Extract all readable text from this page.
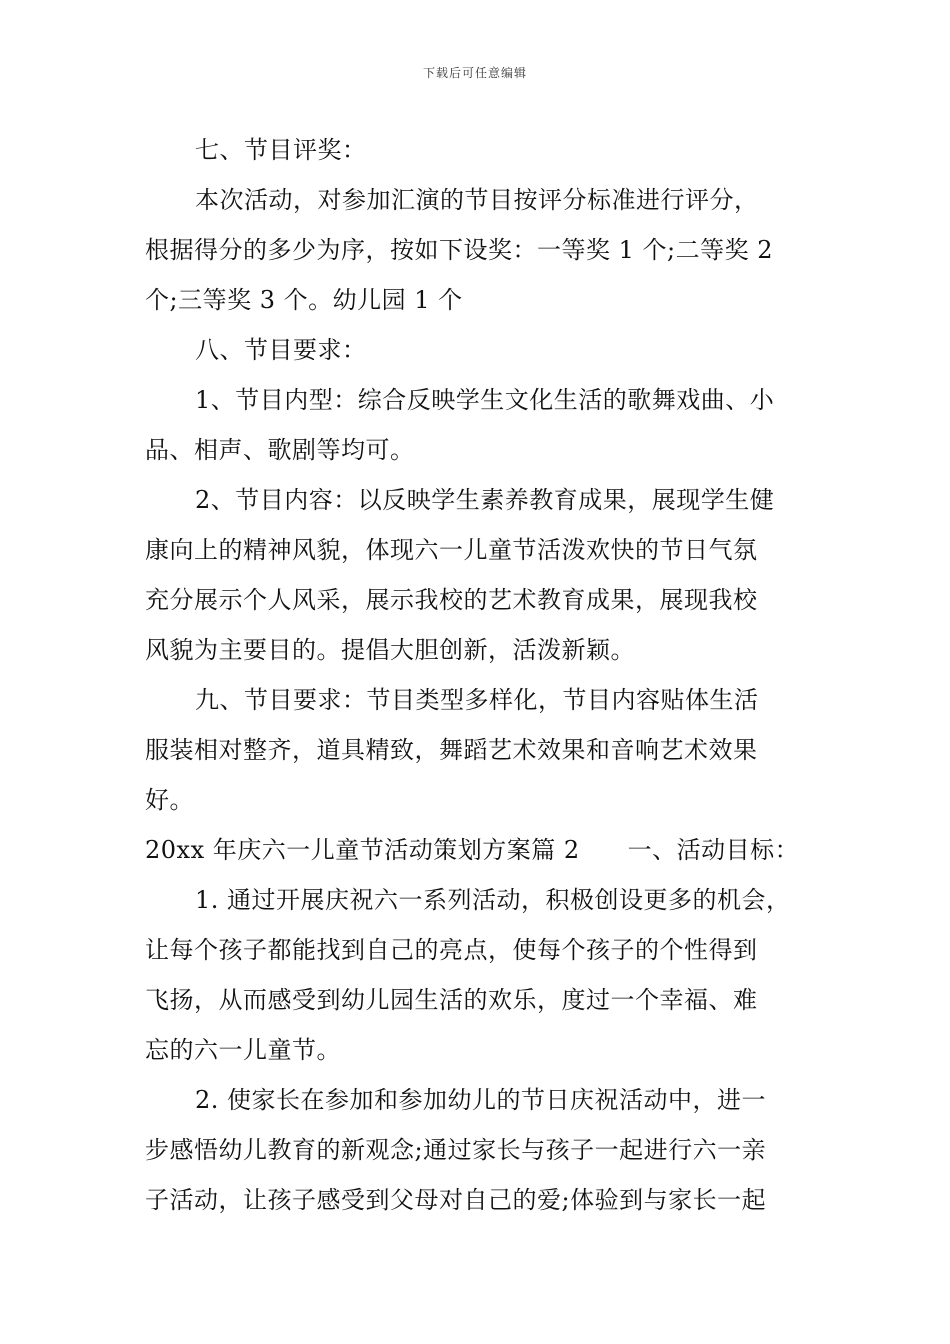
下载后可任意编辑
七、节目评奖：
本次活动，对参加汇演的节目按评分标准进行评分，
根据得分的多少为序，按如下设奖：一等奖 1 个;二等奖 2
个;三等奖 3 个。幼儿园 1 个
八、节目要求：
1、节目内型：综合反映学生文化生活的歌舞戏曲、小
品、相声、歌剧等均可。
2、节目内容：以反映学生素养教育成果，展现学生健
康向上的精神风貌，体现六一儿童节活泼欢快的节日气氛
充分展示个人风采，展示我校的艺术教育成果，展现我校
风貌为主要目的。提倡大胆创新，活泼新颖。
九、节目要求：节目类型多样化，节目内容贴体生活
服装相对整齐，道具精致，舞蹈艺术效果和音响艺术效果
好。
20xx 年庆六一儿童节活动策划方案篇 2 一、活动目标：
1. 通过开展庆祝六一系列活动，积极创设更多的机会，
让每个孩子都能找到自己的亮点，使每个孩子的个性得到
飞扬，从而感受到幼儿园生活的欢乐，度过一个幸福、难
忘的六一儿童节。
2. 使家长在参加和参加幼儿的节日庆祝活动中，进一
步感悟幼儿教育的新观念;通过家长与孩子一起进行六一亲
子活动，让孩子感受到父母对自己的爱;体验到与家长一起
